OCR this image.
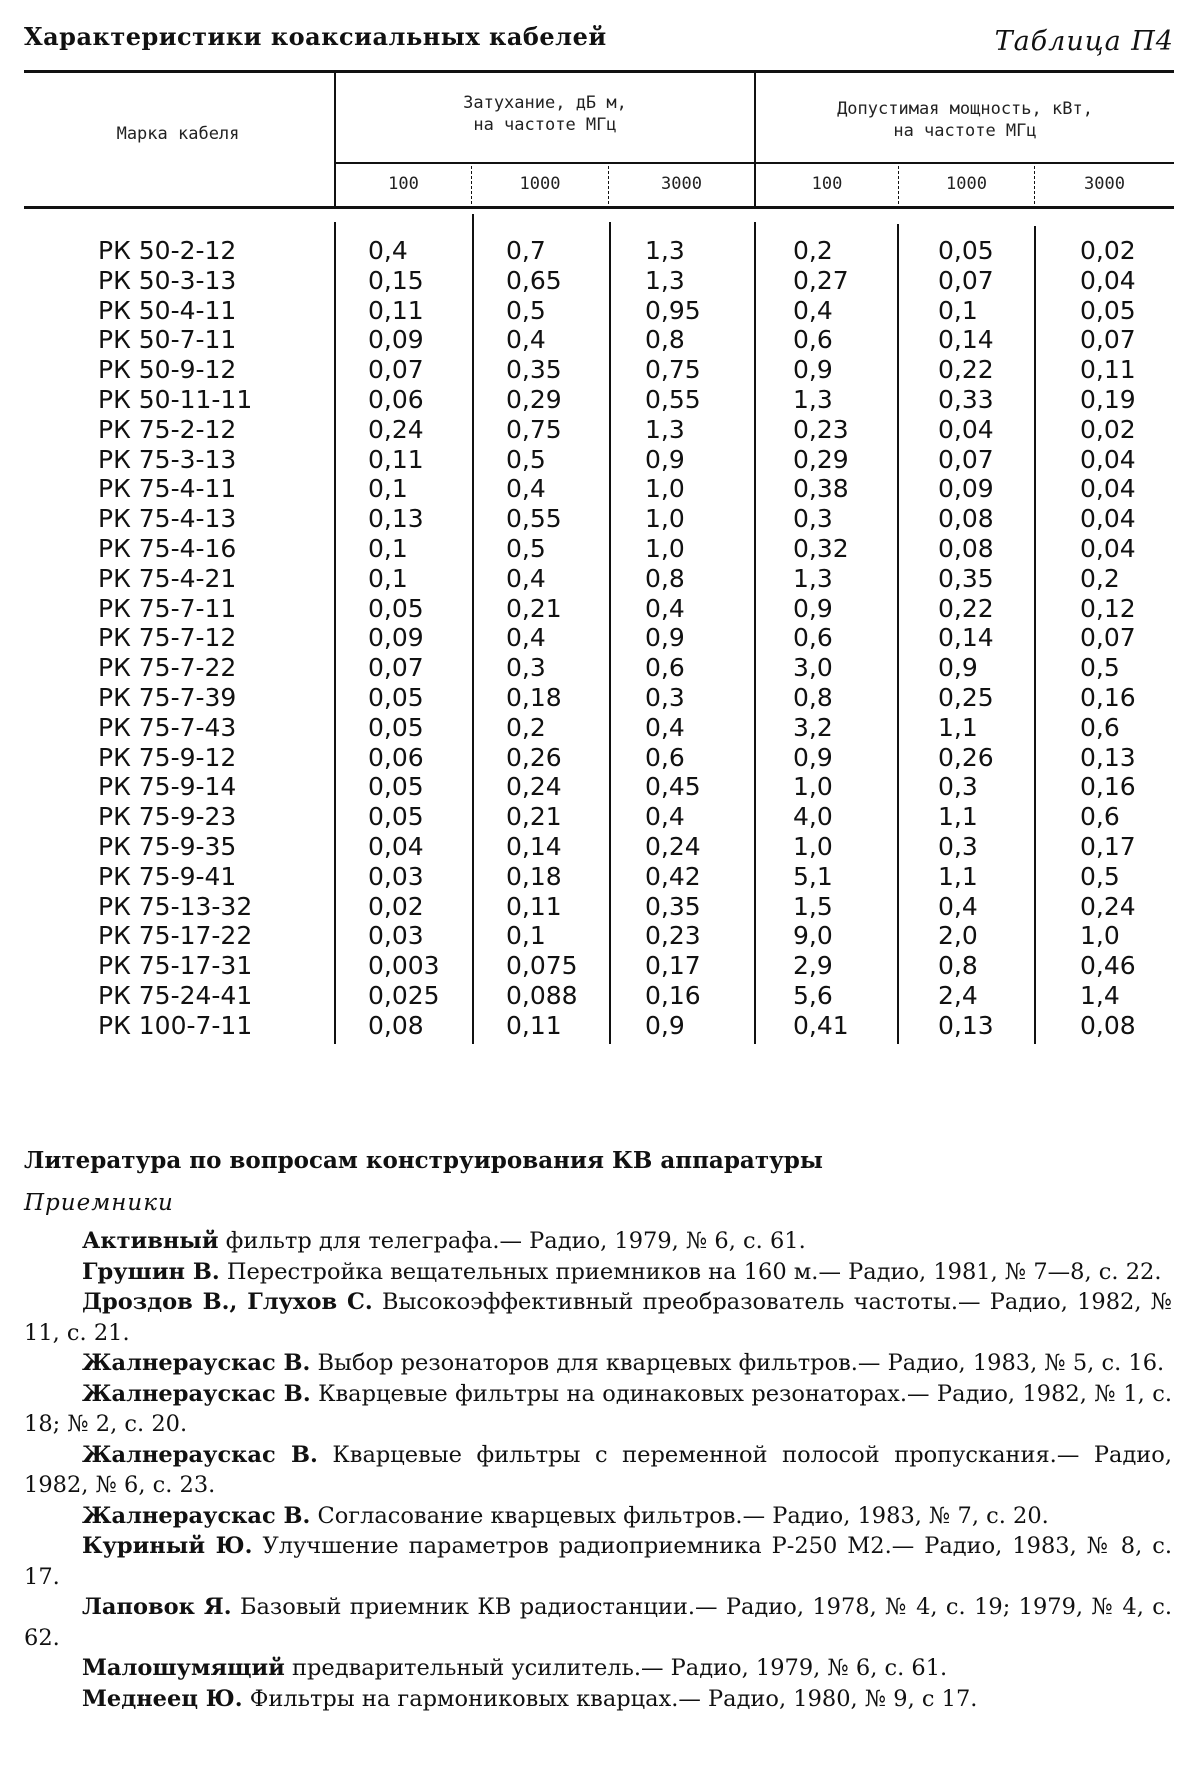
Характеристики коаксиальных кабелей	Таблица П4
Марка кабеля
Затухание, дБ м,
на частоте МГц
Допустимая мощность, кВт,
на частоте МГц
100	1000	3000	100	1000	3000
РК 50-2-12	0,4	0,7	1,3	0,2	0,05	0,02
РК 50-3-13	0,15	0,65	1,3	0,27	0,07	0,04
РК 50-4-11	0,11	0,5	0,95	0,4	0,1	0,05
РК 50-7-11	0,09	0,4	0,8	0,6	0,14	0,07
РК 50-9-12	0,07	0,35	0,75	0,9	0,22	0,11
РК 50-11-11	0,06	0,29	0,55	1,3	0,33	0,19
РК 75-2-12	0,24	0,75	1,3	0,23	0,04	0,02
РК 75-3-13	0,11	0,5	0,9	0,29	0,07	0,04
РК 75-4-11	0,1	0,4	1,0	0,38	0,09	0,04
РК 75-4-13	0,13	0,55	1,0	0,3	0,08	0,04
РК 75-4-16	0,1	0,5	1,0	0,32	0,08	0,04
РК 75-4-21	0,1	0,4	0,8	1,3	0,35	0,2
РК 75-7-11	0,05	0,21	0,4	0,9	0,22	0,12
РК 75-7-12	0,09	0,4	0,9	0,6	0,14	0,07
РК 75-7-22	0,07	0,3	0,6	3,0	0,9	0,5
РК 75-7-39	0,05	0,18	0,3	0,8	0,25	0,16
РК 75-7-43	0,05	0,2	0,4	3,2	1,1	0,6
РК 75-9-12	0,06	0,26	0,6	0,9	0,26	0,13
РК 75-9-14	0,05	0,24	0,45	1,0	0,3	0,16
РК 75-9-23	0,05	0,21	0,4	4,0	1,1	0,6
РК 75-9-35	0,04	0,14	0,24	1,0	0,3	0,17
РК 75-9-41	0,03	0,18	0,42	5,1	1,1	0,5
РК 75-13-32	0,02	0,11	0,35	1,5	0,4	0,24
РК 75-17-22	0,03	0,1	0,23	9,0	2,0	1,0
РК 75-17-31	0,003	0,075	0,17	2,9	0,8	0,46
РК 75-24-41	0,025	0,088	0,16	5,6	2,4	1,4
РК 100-7-11	0,08	0,11	0,9	0,41	0,13	0,08
Литература по вопросам конструирования КВ аппаратуры
Приемники

Активный фильтр для телеграфа.— Радио, 1979, № 6, с. 61.

Грушин В. Перестройка вещательных приемников на 160 м.— Радио, 1981, № 7—8, с. 22.

Дроздов В., Глухов С. Высокоэффективный преобразователь частоты.— Радио, 1982, № 11, с. 21.

Жалнераускас В. Выбор резонаторов для кварцевых фильтров.— Радио, 1983, № 5, с. 16.

Жалнераускас В. Кварцевые фильтры на одинаковых резонаторах.— Радио, 1982, № 1, с. 18; № 2, с. 20.

Жалнераускас В. Кварцевые фильтры с переменной полосой пропускания.— Радио, 1982, № 6, с. 23.

Жалнераускас В. Согласование кварцевых фильтров.— Радио, 1983, № 7, с. 20.

Куриный Ю. Улучшение параметров радиоприемника Р-250 М2.— Радио, 1983, № 8, с. 17.

Лаповок Я. Базовый приемник КВ радиостанции.— Радио, 1978, № 4, с. 19; 1979, № 4, с. 62.

Малошумящий предварительный усилитель.— Радио, 1979, № 6, с. 61.

Меднеец Ю. Фильтры на гармониковых кварцах.— Радио, 1980, № 9, с 17.
